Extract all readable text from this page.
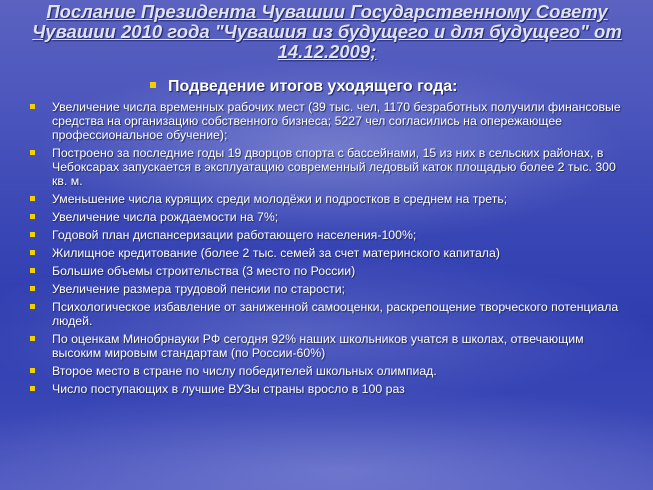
Послание Президента Чувашии Государственному Совету Чувашии 2010 года "Чувашия из будущего и для будущего" от 14.12.2009;
Подведение итогов уходящего года:
Увеличение числа временных рабочих мест (39 тыс. чел, 1170 безработных получили финансовые средства на организацию собственного бизнеса; 5227 чел согласились на опережающее профессиональное обучение);
Построено за последние годы 19 дворцов спорта с бассейнами, 15 из них в сельских районах, в Чебоксарах запускается в эксплуатацию современный ледовый каток площадью более 2 тыс. 300 кв. м.
Уменьшение числа курящих среди молодёжи и подростков в среднем на треть;
Увеличение числа рождаемости на 7%;
Годовой план диспансеризации работающего населения-100%;
Жилищное кредитование (более 2 тыс. семей за счет материнского капитала)
Большие объемы строительства (3 место по России)
Увеличение размера трудовой пенсии по старости;
Психологическое избавление от заниженной самооценки, раскрепощение творческого потенциала людей.
По оценкам Минобрнауки РФ сегодня 92% наших школьников учатся в школах, отвечающим высоким мировым стандартам (по России-60%)
Второе место в стране по числу победителей школьных олимпиад.
Число поступающих в лучшие ВУЗы страны вросло в 100 раз
